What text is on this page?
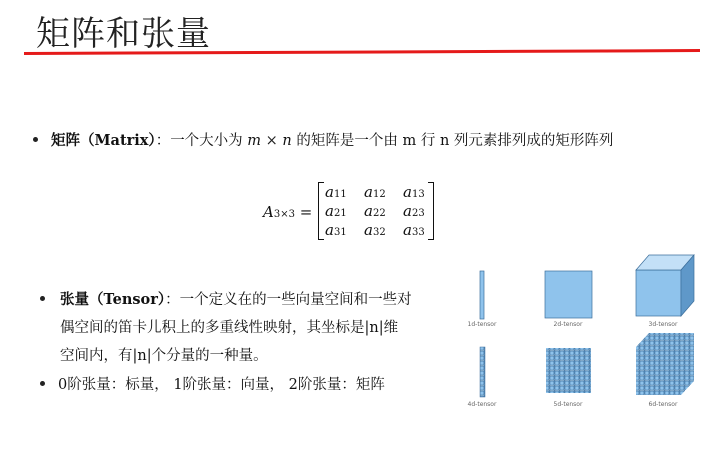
矩阵和张量
矩阵（Matrix）：一个大小为 m × n 的矩阵是一个由 m 行 n 列元素排列成的矩形阵列
A3×3 =
a11 a12 a13
a21 a22 a23
a31 a32 a33
张量（Tensor）：一个定义在的一些向量空间和一些对
偶空间的笛卡儿积上的多重线性映射，其坐标是|n|维
空间内，有|n|个分量的一种量。
0阶张量：标量， 1阶张量：向量， 2阶张量：矩阵
1d-tensor	2d-tensor	3d-tensor
4d-tensor	5d-tensor	6d-tensor
